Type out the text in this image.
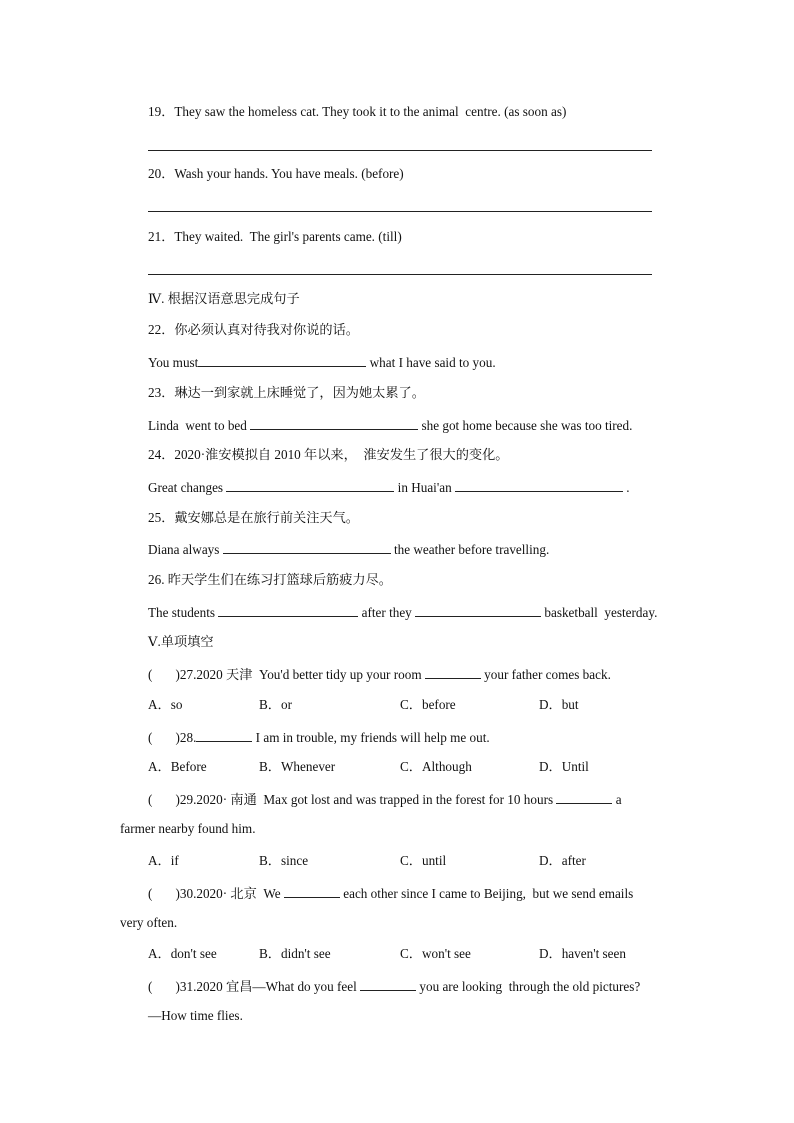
19．They saw the homeless cat. They took it to the animal  centre. (as soon as)
20．Wash your hands. You have meals. (before)
21．They waited.  The girl's parents came. (till)
Ⅳ. 根据汉语意思完成句子
22．你必须认真对待我对你说的话。
You must	what I have said to you.
23．琳达一到家就上床睡觉了，因为她太累了。
Linda  went to bed	she got home because she was too tired.
24．2020·淮安模拟自 2010 年以来，  淮安发生了很大的变化。
Great changes	in Huai'an	.
25．戴安娜总是在旅行前关注天气。
Diana always	the weather before travelling.
26. 昨天学生们在练习打篮球后筋疲力尽。
The students	after they	basketball  yesterday.
Ⅴ.单项填空
(       )27.2020 天津  You'd better tidy up your room	your father comes back.
A．so	B．or	C．before	D．but
(       )28.	I am in trouble, my friends will help me out.
A．Before	B．Whenever	C．Although	D．Until
(       )29.2020· 南通  Max got lost and was trapped in the forest for 10 hours	a
farmer nearby found him.
A．if	B．since	C．until	D．after
(       )30.2020· 北京  We	each other since I came to Beijing,  but we send emails
very often.
A．don't see	B．didn't see	C．won't see	D．haven't seen
(       )31.2020 宜昌—What do you feel	you are looking  through the old pictures?
—How time flies.
